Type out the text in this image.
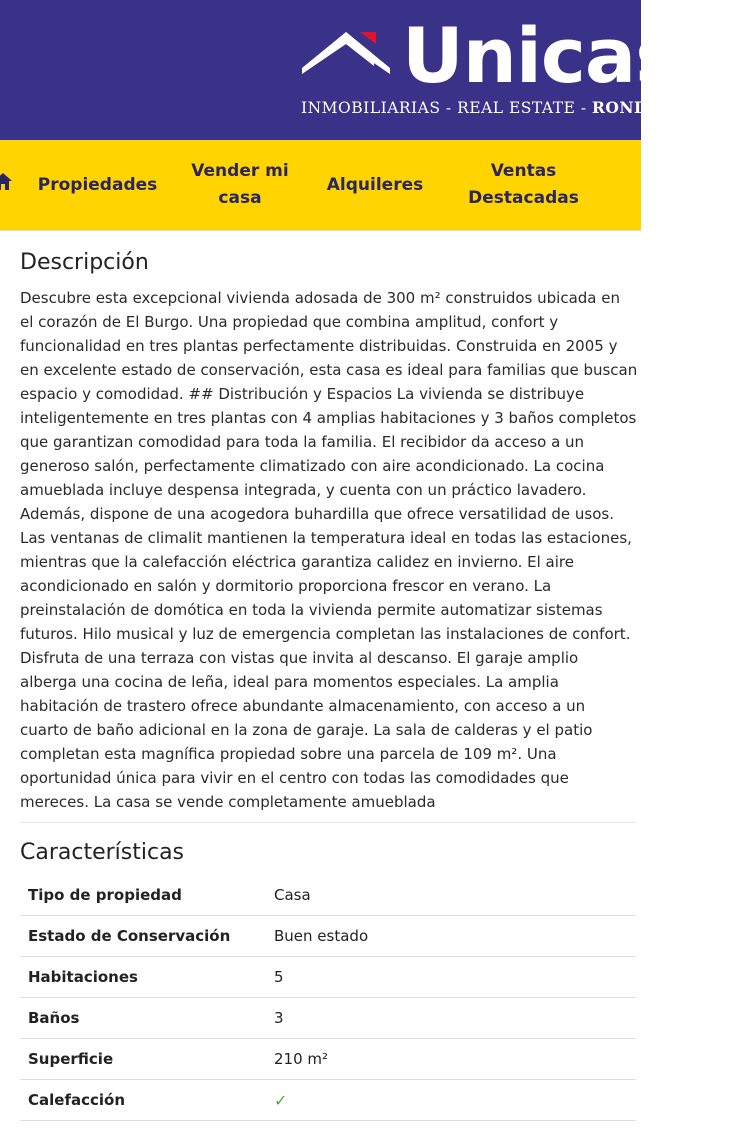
Unicasa
INMOBILIARIAS - REAL ESTATE - RONDA
Propiedades
Vender mi casa
Alquileres
Ventas Destacadas
Descripción

Descubre esta excepcional vivienda adosada de 300 m² construidos ubicada en el corazón de El Burgo. Una propiedad que combina amplitud, confort y funcionalidad en tres plantas perfectamente distribuidas. Construida en 2005 y en excelente estado de conservación, esta casa es ideal para familias que buscan espacio y comodidad. ## Distribución y Espacios La vivienda se distribuye inteligentemente en tres plantas con 4 amplias habitaciones y 3 baños completos que garantizan comodidad para toda la familia. El recibidor da acceso a un generoso salón, perfectamente climatizado con aire acondicionado. La cocina amueblada incluye despensa integrada, y cuenta con un práctico lavadero. Además, dispone de una acogedora buhardilla que ofrece versatilidad de usos. Las ventanas de climalit mantienen la temperatura ideal en todas las estaciones, mientras que la calefacción eléctrica garantiza calidez en invierno. El aire acondicionado en salón y dormitorio proporciona frescor en verano. La preinstalación de domótica en toda la vivienda permite automatizar sistemas futuros. Hilo musical y luz de emergencia completan las instalaciones de confort. Disfruta de una terraza con vistas que invita al descanso. El garaje amplio alberga una cocina de leña, ideal para momentos especiales. La amplia habitación de trastero ofrece abundante almacenamiento, con acceso a un cuarto de baño adicional en la zona de garaje. La sala de calderas y el patio completan esta magnífica propiedad sobre una parcela de 109 m². Una oportunidad única para vivir en el centro con todas las comodidades que mereces. La casa se vende completamente amueblada

Características
Tipo de propiedad	Casa
Estado de Conservación	Buen estado
Habitaciones	5
Baños	3
Superficie	210 m²
Calefacción	✓
